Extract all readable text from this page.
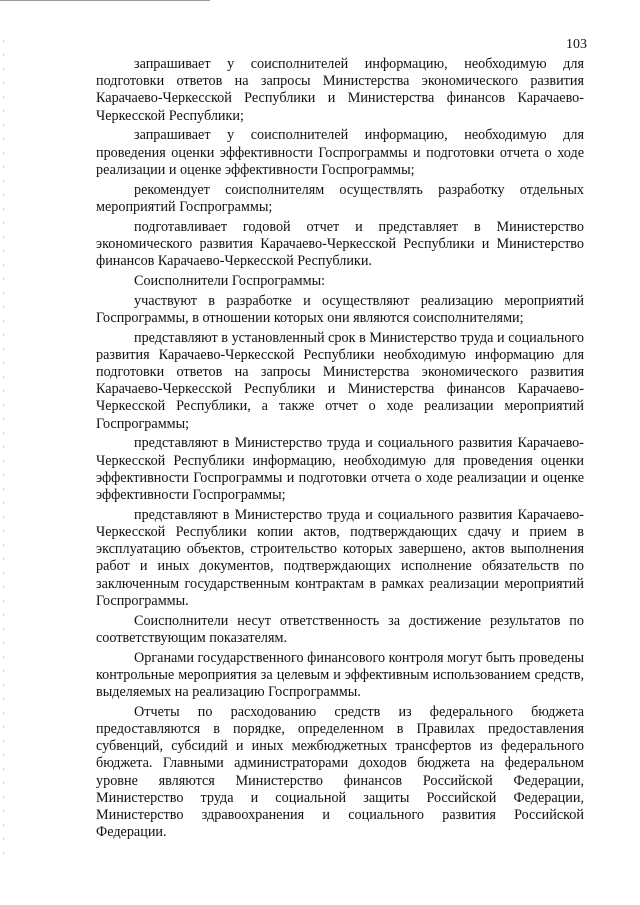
103

запрашивает у соисполнителей информацию, необходимую для подготовки ответов на запросы Министерства экономического развития Карачаево-Черкесской Республики и Министерства финансов Карачаево-Черкесской Республики;

запрашивает у соисполнителей информацию, необходимую для проведения оценки эффективности Госпрограммы и подготовки отчета о ходе реализации и оценке эффективности Госпрограммы;

рекомендует соисполнителям осуществлять разработку отдельных мероприятий Госпрограммы;

подготавливает годовой отчет и представляет в Министерство экономического развития Карачаево-Черкесской Республики и Министерство финансов Карачаево-Черкесской Республики.

Соисполнители Госпрограммы:

участвуют в разработке и осуществляют реализацию мероприятий Госпрограммы, в отношении которых они являются соисполнителями;

представляют в установленный срок в Министерство труда и социального развития Карачаево-Черкесской Республики необходимую информацию для подготовки ответов на запросы Министерства экономического развития Карачаево-Черкесской Республики и Министерства финансов Карачаево-Черкесской Республики, а также отчет о ходе реализации мероприятий Госпрограммы;

представляют в Министерство труда и социального развития Карачаево-Черкесской Республики информацию, необходимую для проведения оценки эффективности Госпрограммы и подготовки отчета о ходе реализации и оценке эффективности Госпрограммы;

представляют в Министерство труда и социального развития Карачаево-Черкесской Республики копии актов, подтверждающих сдачу и прием в эксплуатацию объектов, строительство которых завершено, актов выполнения работ и иных документов, подтверждающих исполнение обязательств по заключенным государственным контрактам в рамках реализации мероприятий Госпрограммы.

Соисполнители несут ответственность за достижение результатов по соответствующим показателям.

Органами государственного финансового контроля могут быть проведены контрольные мероприятия за целевым и эффективным использованием средств, выделяемых на реализацию Госпрограммы.

Отчеты по расходованию средств из федерального бюджета предоставляются в порядке, определенном в Правилах предоставления субвенций, субсидий и иных межбюджетных трансфертов из федерального бюджета. Главными администраторами доходов бюджета на федеральном уровне являются Министерство финансов Российской Федерации, Министерство труда и социальной защиты Российской Федерации, Министерство здравоохранения и социального развития Российской Федерации.
